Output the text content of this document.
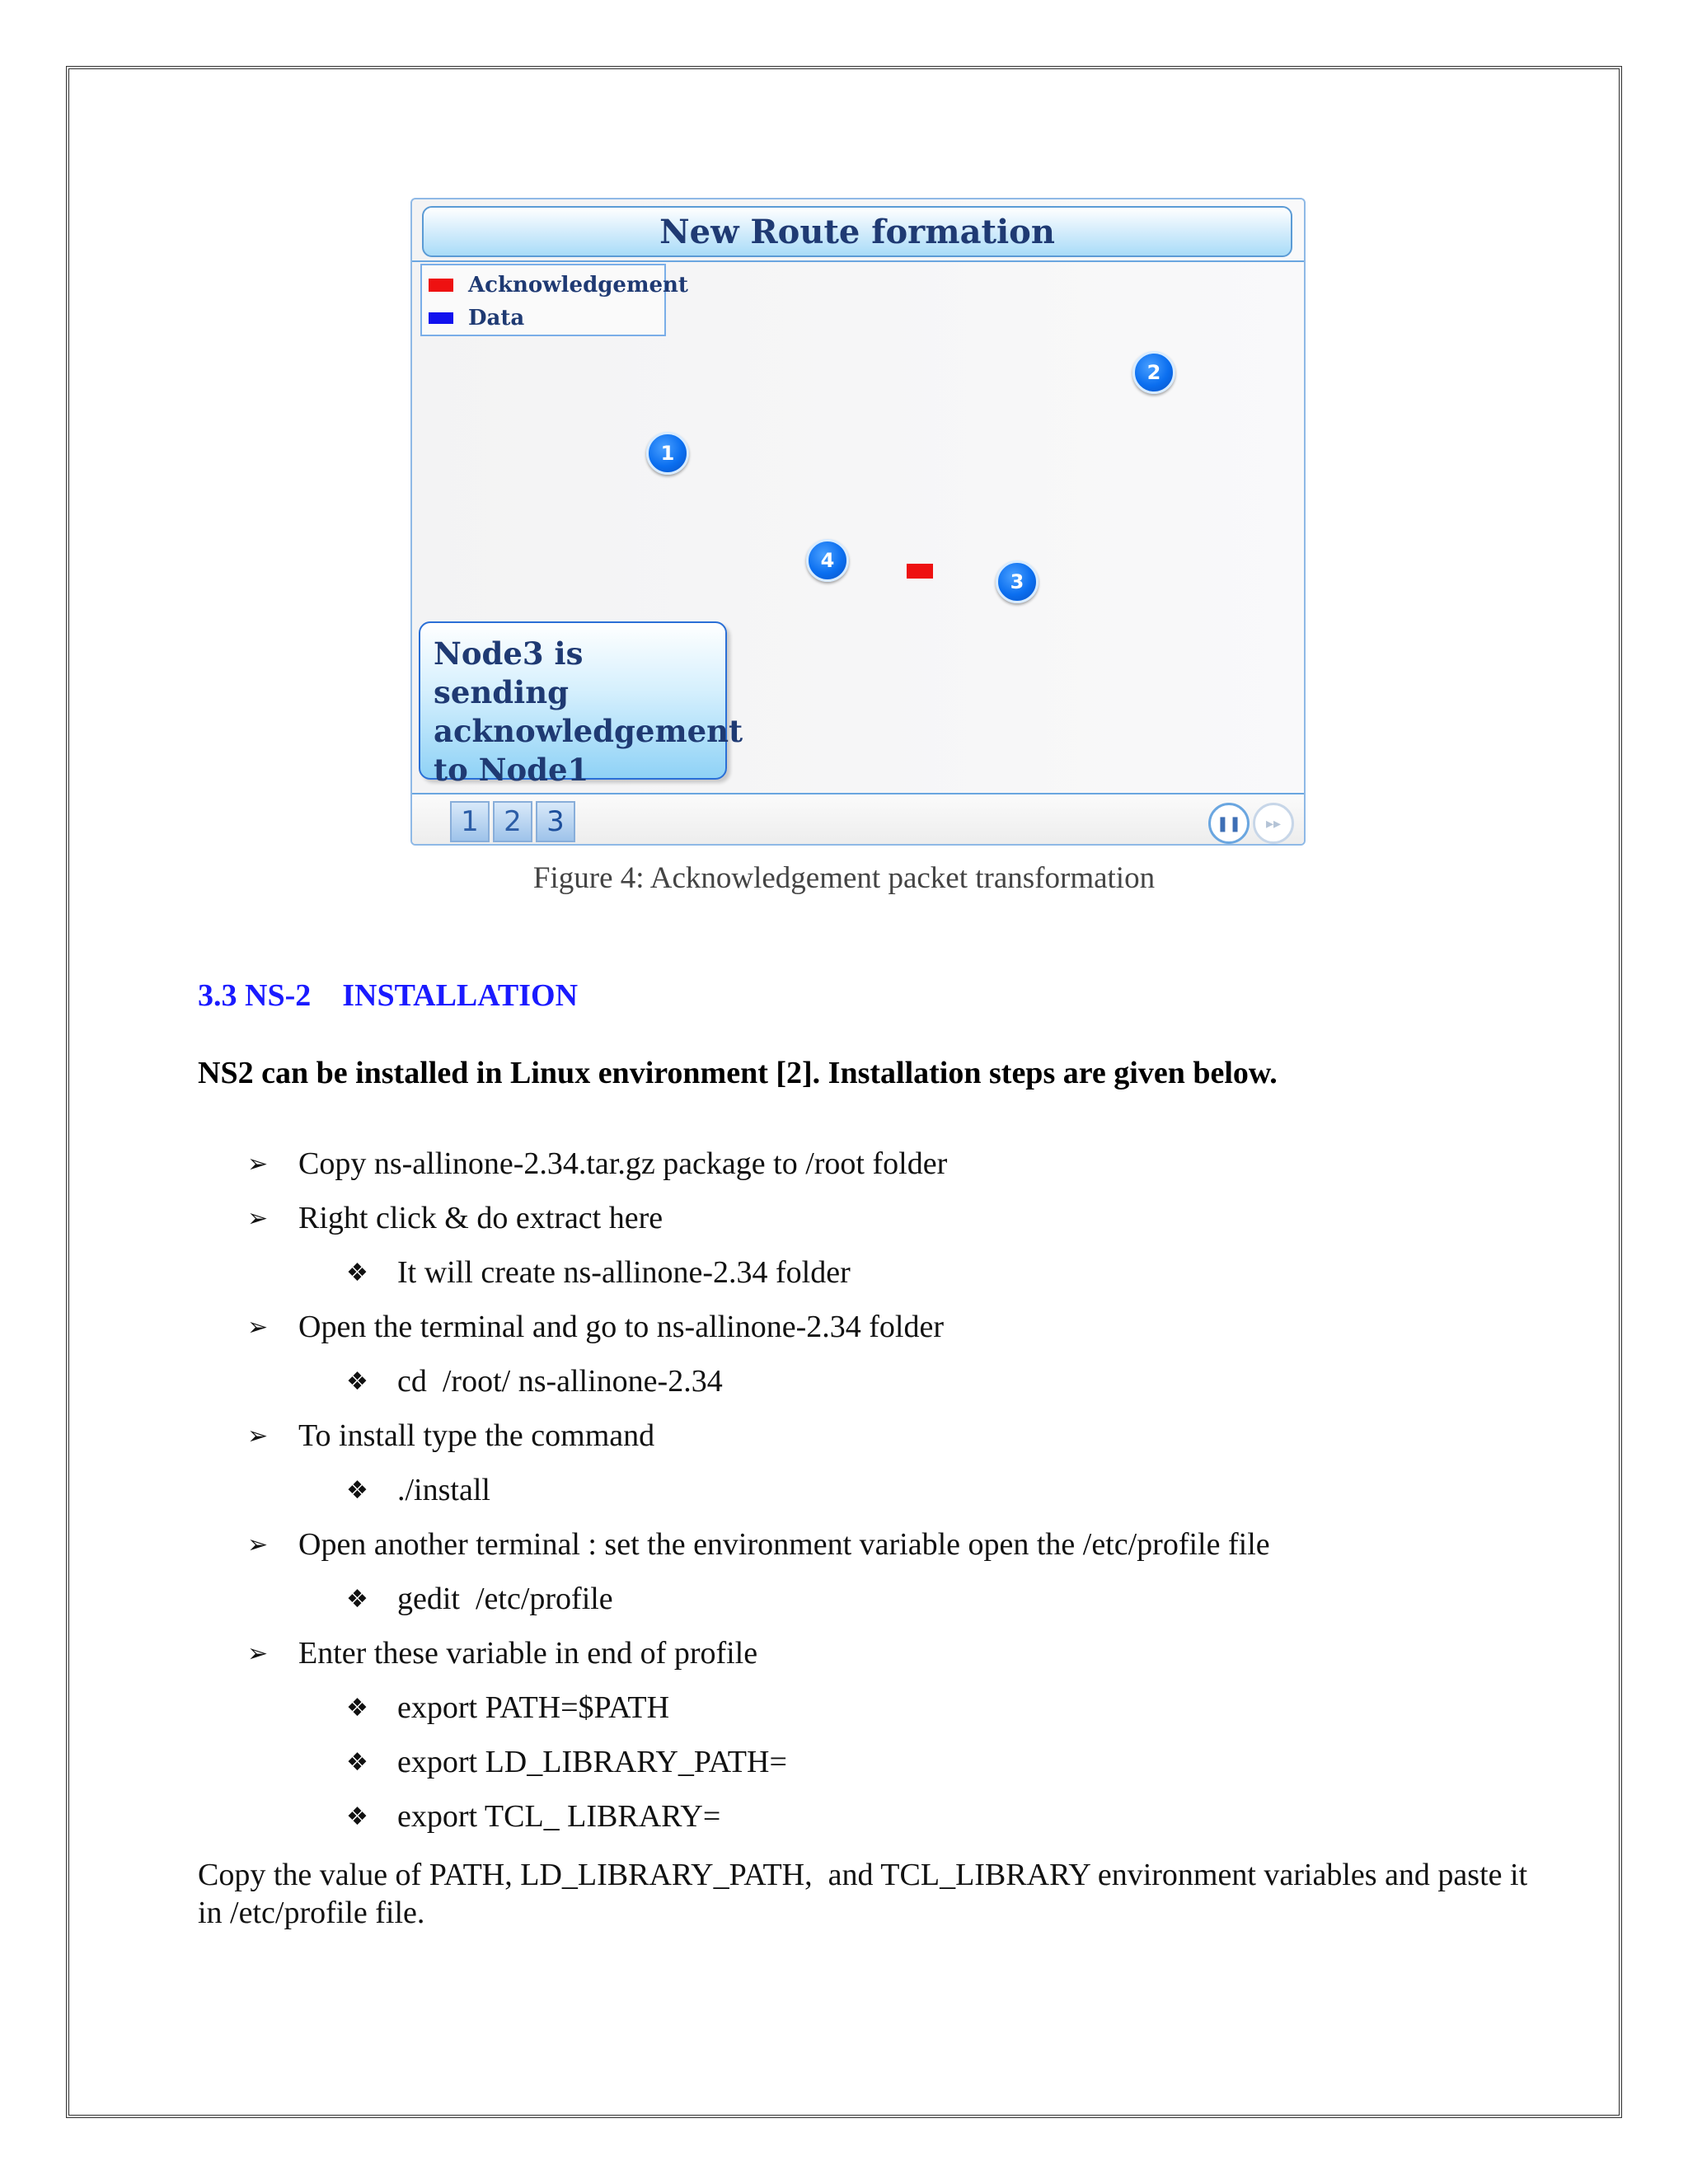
New Route formation
Acknowledgement
Data
1
2
3
4
Node3 is sending
acknowledgement
to Node1
1 2 3	❚❚ ▸▸
Figure 4: Acknowledgement packet transformation
3.3 NS-2    INSTALLATION
NS2 can be installed in Linux environment [2]. Installation steps are given below.
➢ Copy ns-allinone-2.34.tar.gz package to /root folder
➢ Right click & do extract here
❖ It will create ns-allinone-2.34 folder
➢ Open the terminal and go to ns-allinone-2.34 folder
❖ cd  /root/ ns-allinone-2.34
➢ To install type the command
❖ ./install
➢ Open another terminal : set the environment variable open the /etc/profile file
❖ gedit  /etc/profile
➢ Enter these variable in end of profile
❖ export PATH=$PATH
❖ export LD_LIBRARY_PATH=
❖ export TCL_ LIBRARY=
Copy the value of PATH, LD_LIBRARY_PATH,  and TCL_LIBRARY environment variables and paste it  in /etc/profile file.
